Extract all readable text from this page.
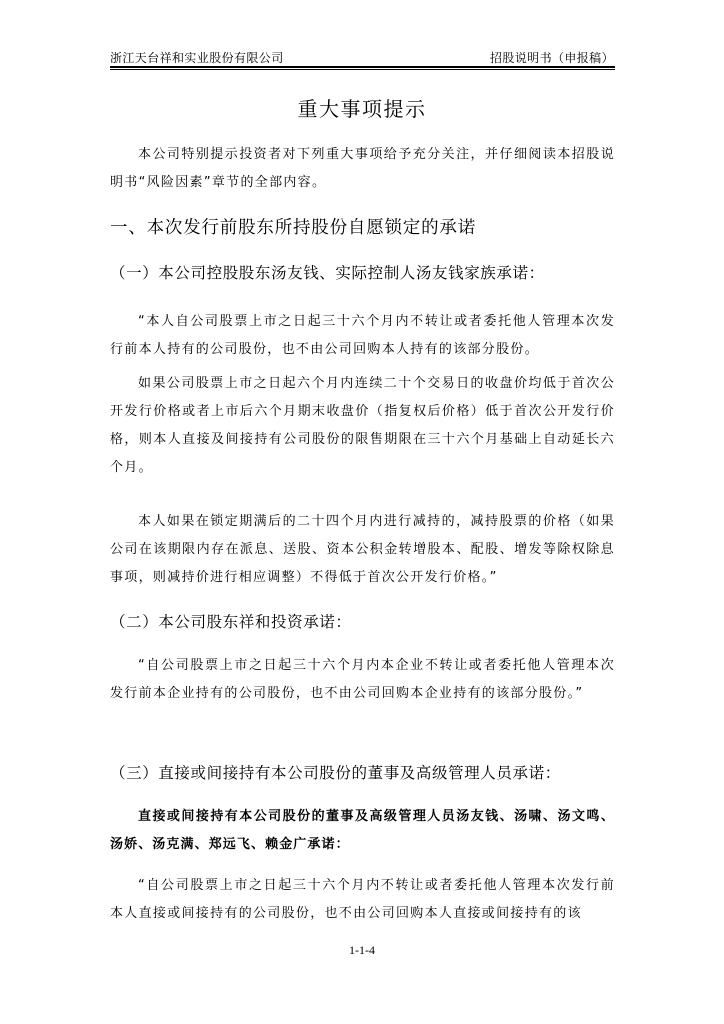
浙江天台祥和实业股份有限公司	招股说明书（申报稿）
重大事项提示
本公司特别提示投资者对下列重大事项给予充分关注，并仔细阅读本招股说明书“风险因素”章节的全部内容。
一、本次发行前股东所持股份自愿锁定的承诺
（一）本公司控股股东汤友钱、实际控制人汤友钱家族承诺：
“本人自公司股票上市之日起三十六个月内不转让或者委托他人管理本次发行前本人持有的公司股份，也不由公司回购本人持有的该部分股份。
如果公司股票上市之日起六个月内连续二十个交易日的收盘价均低于首次公开发行价格或者上市后六个月期末收盘价（指复权后价格）低于首次公开发行价格，则本人直接及间接持有公司股份的限售期限在三十六个月基础上自动延长六个月。
本人如果在锁定期满后的二十四个月内进行减持的，减持股票的价格（如果公司在该期限内存在派息、送股、资本公积金转增股本、配股、增发等除权除息事项，则减持价进行相应调整）不得低于首次公开发行价格。”
（二）本公司股东祥和投资承诺：
“自公司股票上市之日起三十六个月内本企业不转让或者委托他人管理本次发行前本企业持有的公司股份，也不由公司回购本企业持有的该部分股份。”
（三）直接或间接持有本公司股份的董事及高级管理人员承诺：
直接或间接持有本公司股份的董事及高级管理人员汤友钱、汤啸、汤文鸣、汤娇、汤克满、郑远飞、赖金广承诺：
“自公司股票上市之日起三十六个月内不转让或者委托他人管理本次发行前本人直接或间接持有的公司股份，也不由公司回购本人直接或间接持有的该
1-1-4
